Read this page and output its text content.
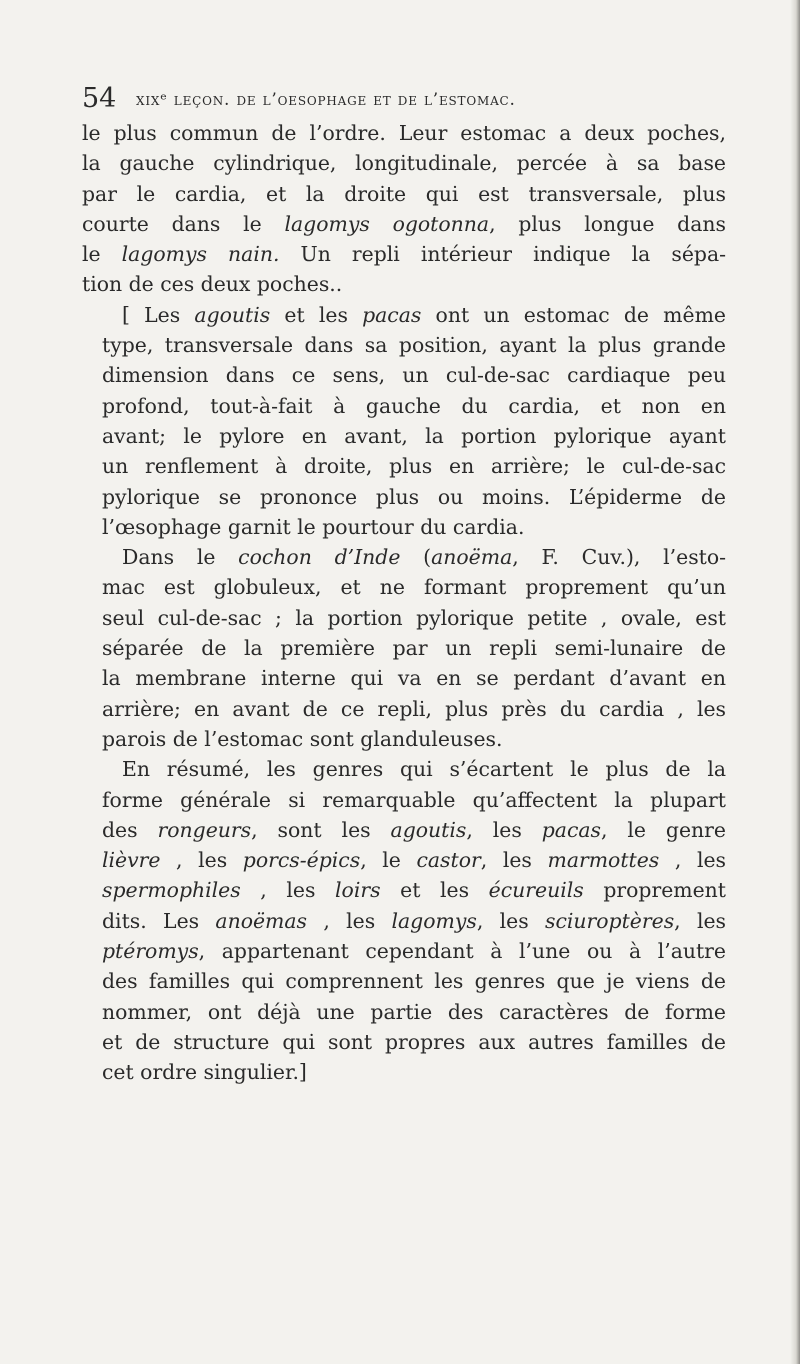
54 xixᵉ leçon. de l’oesophage et de l’estomac.
le plus commun de l’ordre. Leur estomac a deux poches,
la gauche cylindrique, longitudinale, percée à sa base
par le cardia, et la droite qui est transversale, plus
courte dans le lagomys ogotonna, plus longue dans
le lagomys nain. Un repli intérieur indique la sépa-
tion de ces deux poches..
[ Les agoutis et les pacas ont un estomac de même
type, transversale dans sa position, ayant la plus grande
dimension dans ce sens, un cul-de-sac cardiaque peu
profond, tout-à-fait à gauche du cardia, et non en
avant; le pylore en avant, la portion pylorique ayant
un renflement à droite, plus en arrière; le cul-de-sac
pylorique se prononce plus ou moins. L’épiderme de
l’œsophage garnit le pourtour du cardia.
Dans le cochon d’Inde (anoëma, F. Cuv.), l’esto-
mac est globuleux, et ne formant proprement qu’un
seul cul-de-sac ; la portion pylorique petite , ovale, est
séparée de la première par un repli semi-lunaire de
la membrane interne qui va en se perdant d’avant en
arrière; en avant de ce repli, plus près du cardia , les
parois de l’estomac sont glanduleuses.
En résumé, les genres qui s’écartent le plus de la
forme générale si remarquable qu’affectent la plupart
des rongeurs, sont les agoutis, les pacas, le genre
lièvre , les porcs-épics, le castor, les marmottes , les
spermophiles , les loirs et les écureuils proprement
dits. Les anoëmas , les lagomys, les sciuroptères, les
ptéromys, appartenant cependant à l’une ou à l’autre
des familles qui comprennent les genres que je viens de
nommer, ont déjà une partie des caractères de forme
et de structure qui sont propres aux autres familles de
cet ordre singulier.]
